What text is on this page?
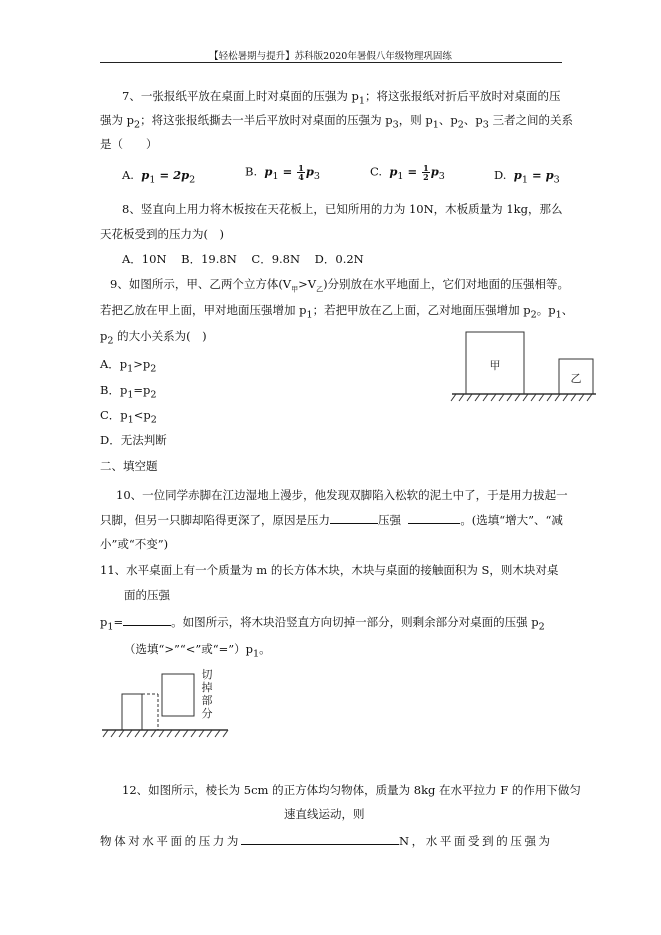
【轻松暑期与提升】苏科版2020年暑假八年级物理巩固练
7、一张报纸平放在桌面上时对桌面的压强为 $p_1$；将这张报纸对折后平放时对桌面的压
强为 $p_2$；将这张报纸撕去一半后平放时对桌面的压强为 $p_3$，则 $p_1$、$p_2$、$p_3$ 三者之间的关系
是（　　）
A. $p_1 = 2p_2$
B. $p_1 = \frac{1}{4} p_3$	C. $p_1 = \frac{1}{2} p_3$	D. $p_1 = p_3$
8、竖直向上用力将木板按在天花板上，已知所用的力为 10N，木板质量为 1kg，那么
天花板受到的压力为(　)
A．10N B．19.8N C．9.8N D．0.2N
9、如图所示，甲、乙两个立方体$(V_甲>V_乙)$分别放在水平地面上，它们对地面的压强相等。
若把乙放在甲上面，甲对地面压强增加 $p_1$；若把甲放在乙上面，乙对地面压强增加 $p_2$。$p_1$、
$p_2$ 的大小关系为(　)
A．$p_1>p_2$
B．$p_1=p_2$
C．$p_1<p_2$
D．无法判断
甲
乙
二、填空题
10、一位同学赤脚在江边湿地上漫步，他发现双脚陷入松软的泥土中了，于是用力拔起一
只脚，但另一只脚却陷得更深了，原因是压力	压强	。(选填“增大”、“减
小”或“不变”)
11、水平桌面上有一个质量为 m 的长方体木块，木块与桌面的接触面积为 S，则木块对桌
面的压强
$p_1=$	。如图所示，将木块沿竖直方向切掉一部分，则剩余部分对桌面的压强 $p_2$
（选填“>”“<”或“$=”)p_1$。
切
掉
部
分
12、如图所示，棱长为 5cm 的正方体均匀物体，质量为 8kg 在水平拉力 F 的作用下做匀
速直线运动，则
物体对水平面的压力为	N，水平面受到的压强为
